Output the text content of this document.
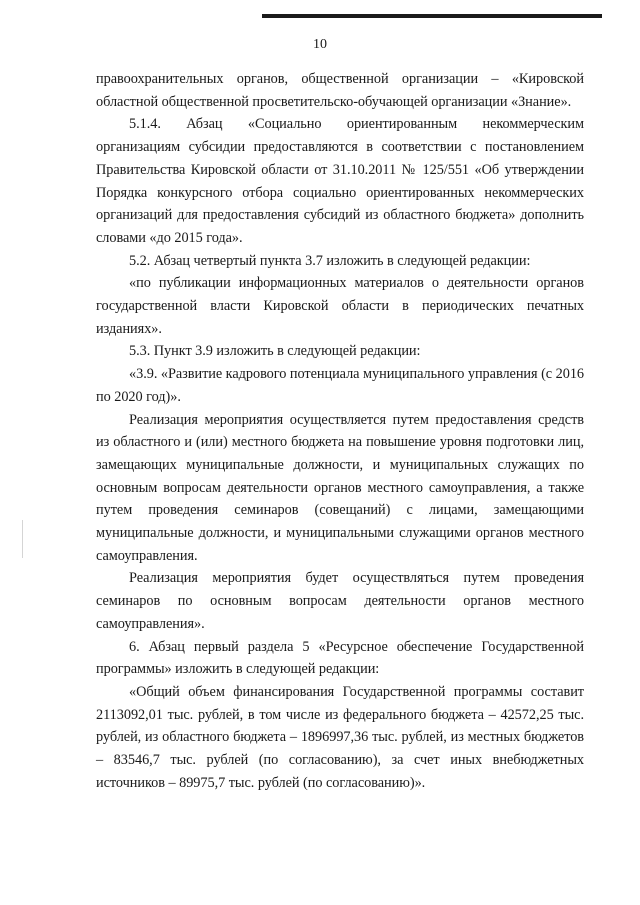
10

правоохранительных органов, общественной организации – «Кировской областной общественной просветительско-обучающей организации «Знание».

5.1.4. Абзац «Социально ориентированным некоммерческим организациям субсидии предоставляются в соответствии с постановлением Правительства Кировской области от 31.10.2011 № 125/551 «Об утверждении Порядка конкурсного отбора социально ориентированных некоммерческих организаций для предоставления субсидий из областного бюджета» дополнить словами «до 2015 года».

5.2. Абзац четвертый пункта 3.7 изложить в следующей редакции:

«по публикации информационных материалов о деятельности органов государственной власти Кировской области в периодических печатных изданиях».

5.3. Пункт 3.9 изложить в следующей редакции:

«3.9. «Развитие кадрового потенциала муниципального управления (с 2016 по 2020 год)».

Реализация мероприятия осуществляется путем предоставления средств из областного и (или) местного бюджета на повышение уровня подготовки лиц, замещающих муниципальные должности, и муниципальных служащих по основным вопросам деятельности органов местного самоуправления, а также путем проведения семинаров (совещаний) с лицами, замещающими муниципальные должности, и муниципальными служащими органов местного самоуправления.

Реализация мероприятия будет осуществляться путем проведения семинаров по основным вопросам деятельности органов местного самоуправления».

6. Абзац первый раздела 5 «Ресурсное обеспечение Государственной программы» изложить в следующей редакции:

«Общий объем финансирования Государственной программы составит 2113092,01 тыс. рублей, в том числе из федерального бюджета – 42572,25 тыс. рублей, из областного бюджета – 1896997,36 тыс. рублей, из местных бюджетов – 83546,7 тыс. рублей (по согласованию), за счет иных внебюджетных источников – 89975,7 тыс. рублей (по согласованию)».
